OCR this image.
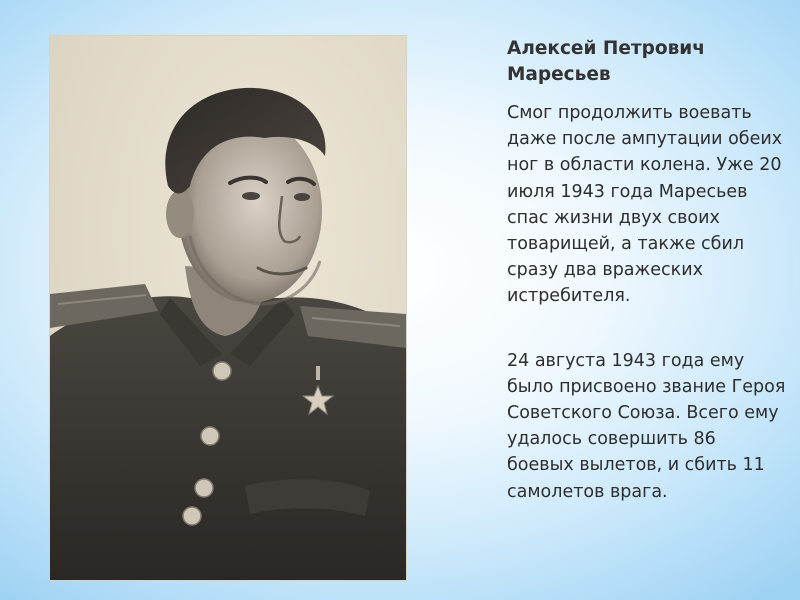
Алексей Петрович Маресьев

Смог продолжить воевать даже после ампутации обеих ног в области колена. Уже 20 июля 1943 года Маресьев спас жизни двух своих товарищей, а также сбил сразу два вражеских истребителя.

24 августа 1943 года ему было присвоено звание Героя Советского Союза. Всего ему удалось совершить 86 боевых вылетов, и сбить 11 самолетов врага.
